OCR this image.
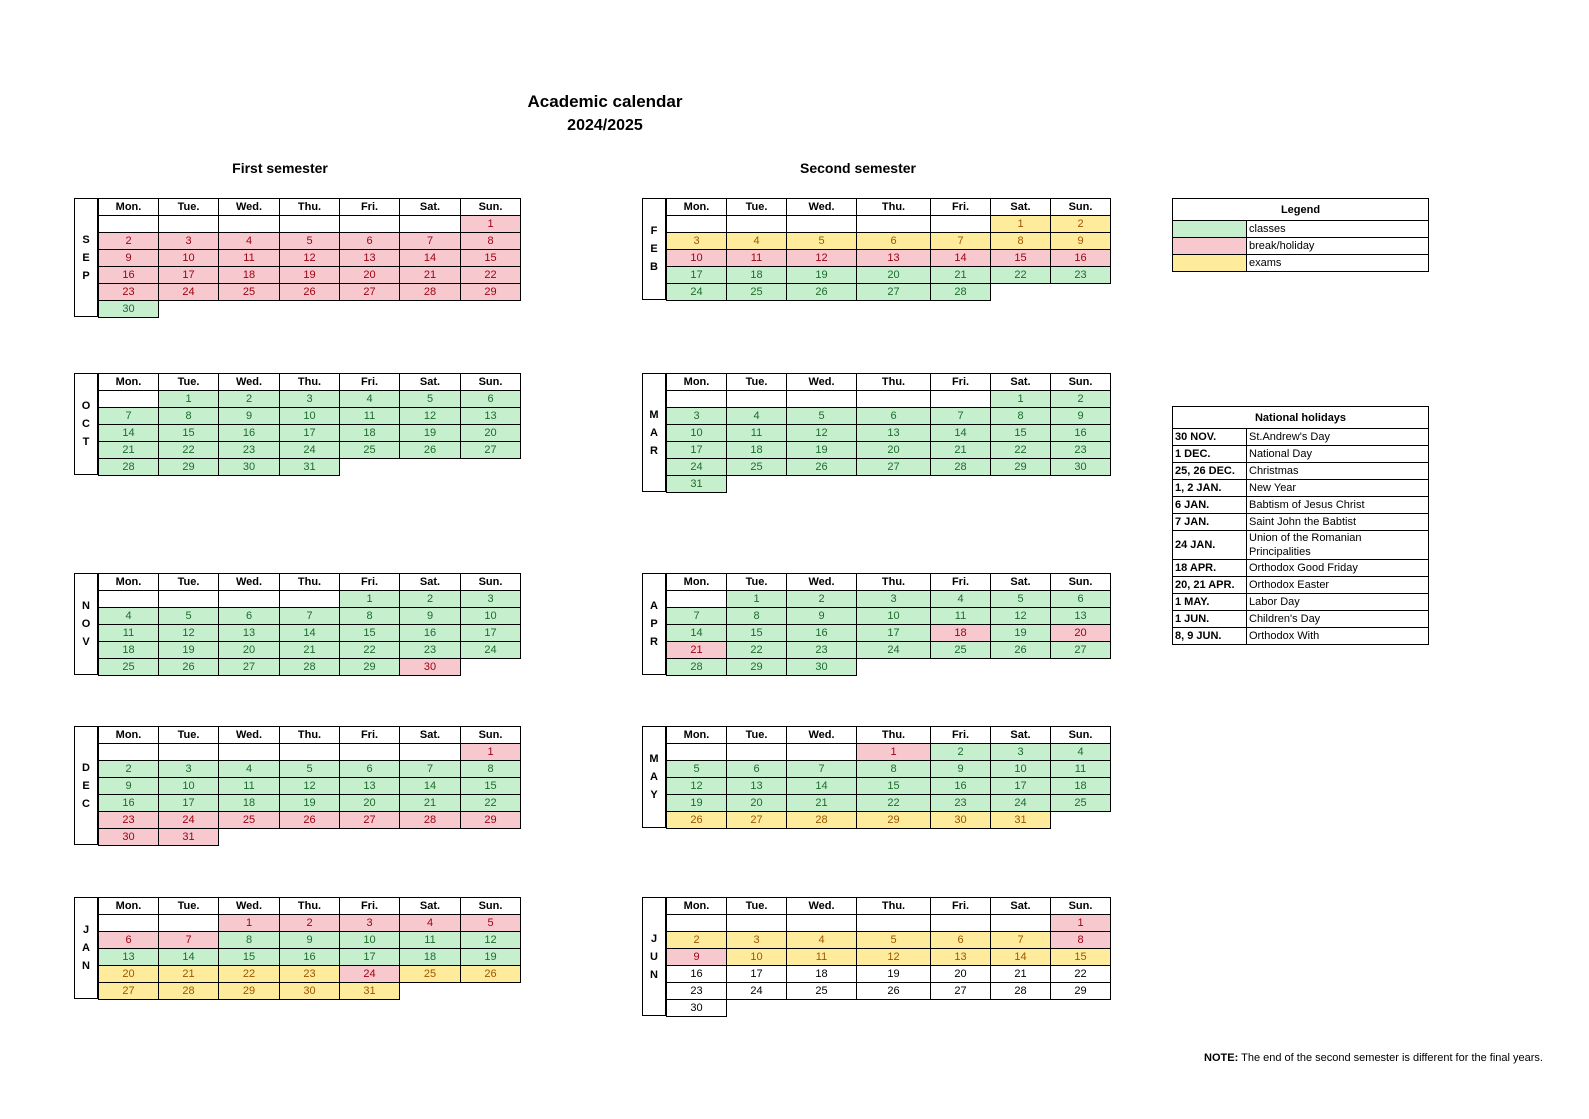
Academic calendar
2024/2025
First semester	Second semester
S
E
P
Mon.	Tue.	Wed.	Thu.	Fri.	Sat.	Sun.
						1
2	3	4	5	6	7	8
9	10	11	12	13	14	15
16	17	18	19	20	21	22
23	24	25	26	27	28	29
30						
O
C
T
Mon.	Tue.	Wed.	Thu.	Fri.	Sat.	Sun.
	1	2	3	4	5	6
7	8	9	10	11	12	13
14	15	16	17	18	19	20
21	22	23	24	25	26	27
28	29	30	31			
N
O
V
Mon.	Tue.	Wed.	Thu.	Fri.	Sat.	Sun.
				1	2	3
4	5	6	7	8	9	10
11	12	13	14	15	16	17
18	19	20	21	22	23	24
25	26	27	28	29	30	
D
E
C
Mon.	Tue.	Wed.	Thu.	Fri.	Sat.	Sun.
						1
2	3	4	5	6	7	8
9	10	11	12	13	14	15
16	17	18	19	20	21	22
23	24	25	26	27	28	29
30	31					
J
A
N
Mon.	Tue.	Wed.	Thu.	Fri.	Sat.	Sun.
		1	2	3	4	5
6	7	8	9	10	11	12
13	14	15	16	17	18	19
20	21	22	23	24	25	26
27	28	29	30	31		
F
E
B
Mon.	Tue.	Wed.	Thu.	Fri.	Sat.	Sun.
					1	2
3	4	5	6	7	8	9
10	11	12	13	14	15	16
17	18	19	20	21	22	23
24	25	26	27	28		
M
A
R
Mon.	Tue.	Wed.	Thu.	Fri.	Sat.	Sun.
					1	2
3	4	5	6	7	8	9
10	11	12	13	14	15	16
17	18	19	20	21	22	23
24	25	26	27	28	29	30
31						
A
P
R
Mon.	Tue.	Wed.	Thu.	Fri.	Sat.	Sun.
	1	2	3	4	5	6
7	8	9	10	11	12	13
14	15	16	17	18	19	20
21	22	23	24	25	26	27
28	29	30				
M
A
Y
Mon.	Tue.	Wed.	Thu.	Fri.	Sat.	Sun.
			1	2	3	4
5	6	7	8	9	10	11
12	13	14	15	16	17	18
19	20	21	22	23	24	25
26	27	28	29	30	31	
J
U
N
Mon.	Tue.	Wed.	Thu.	Fri.	Sat.	Sun.
						1
2	3	4	5	6	7	8
9	10	11	12	13	14	15
16	17	18	19	20	21	22
23	24	25	26	27	28	29
30						
Legend	
	classes
	break/holiday
	exams
National holidays	
30 NOV.	St.Andrew's Day
1 DEC.	National Day
25, 26 DEC.	Christmas
1, 2 JAN.	New Year
6 JAN.	Babtism of Jesus Christ
7 JAN.	Saint John the Babtist
24 JAN.	Union of the Romanian Principalities
18 APR.	Orthodox Good Friday
20, 21 APR.	Orthodox Easter
1 MAY.	Labor Day
1 JUN.	Children's Day
8, 9 JUN.	Orthodox With
NOTE: The end of the second semester is different for the final years.
